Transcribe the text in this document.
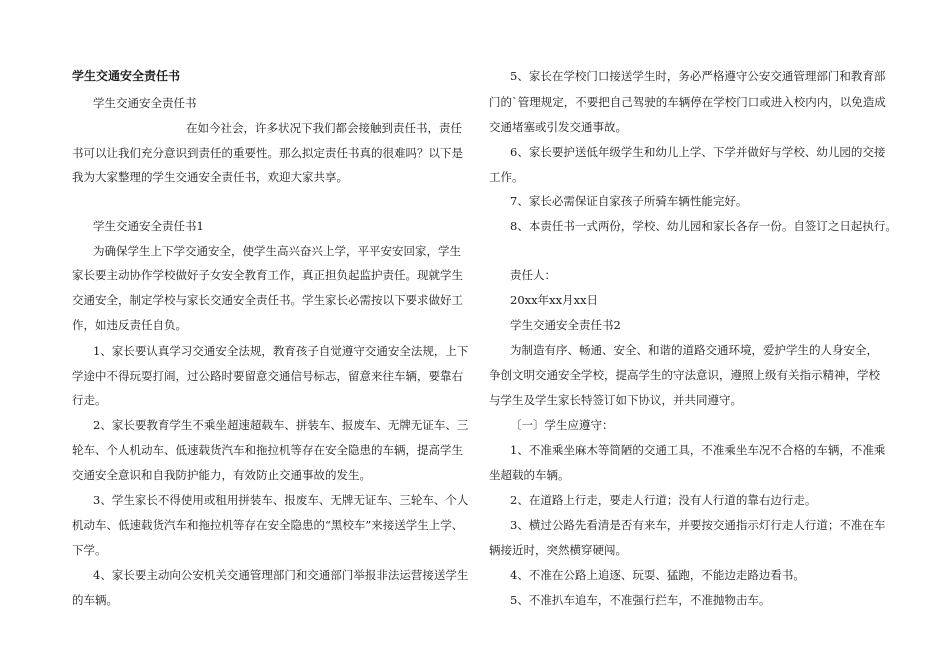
学生交通安全责任书
学生交通安全责任书
在如今社会，许多状况下我们都会接触到责任书，责任
书可以让我们充分意识到责任的重要性。那么拟定责任书真的很难吗？以下是
我为大家整理的学生交通安全责任书，欢迎大家共享。
学生交通安全责任书1
为确保学生上下学交通安全，使学生高兴奋兴上学，平平安安回家，学生
家长要主动协作学校做好子女安全教育工作，真正担负起监护责任。现就学生
交通安全，制定学校与家长交通安全责任书。学生家长必需按以下要求做好工
作，如违反责任自负。
1、家长要认真学习交通安全法规，教育孩子自觉遵守交通安全法规，上下
学途中不得玩耍打闹，过公路时要留意交通信号标志，留意来往车辆，要靠右
行走。
2、家长要教育学生不乘坐超速超载车、拼装车、报废车、无牌无证车、三
轮车、个人机动车、低速载货汽车和拖拉机等存在安全隐患的车辆，提高学生
交通安全意识和自我防护能力，有效防止交通事故的发生。
3、学生家长不得使用或租用拼装车、报废车、无牌无证车、三轮车、个人
机动车、低速载货汽车和拖拉机等存在安全隐患的“黑校车”来接送学生上学、
下学。
4、家长要主动向公安机关交通管理部门和交通部门举报非法运营接送学生
的车辆。
5、家长在学校门口接送学生时，务必严格遵守公安交通管理部门和教育部
门的`管理规定，不要把自己驾驶的车辆停在学校门口或进入校内内，以免造成
交通堵塞或引发交通事故。
6、家长要护送低年级学生和幼儿上学、下学并做好与学校、幼儿园的交接
工作。
7、家长必需保证自家孩子所骑车辆性能完好。
8、本责任书一式两份，学校、幼儿园和家长各存一份。自签订之日起执行。
责任人：
20xx年xx月xx日
学生交通安全责任书2
为制造有序、畅通、安全、和谐的道路交通环境，爱护学生的人身安全，
争创文明交通安全学校，提高学生的守法意识，遵照上级有关指示精神，学校
与学生及学生家长特签订如下协议，并共同遵守。
〔一〕学生应遵守：
1、不准乘坐麻木等简陋的交通工具，不准乘坐车况不合格的车辆，不准乘
坐超载的车辆。
2、在道路上行走，要走人行道；没有人行道的靠右边行走。
3、横过公路先看清是否有来车，并要按交通指示灯行走人行道；不准在车
辆接近时，突然横穿硬闯。
4、不准在公路上追逐、玩耍、猛跑，不能边走路边看书。
5、不准扒车追车，不准强行拦车，不准抛物击车。
